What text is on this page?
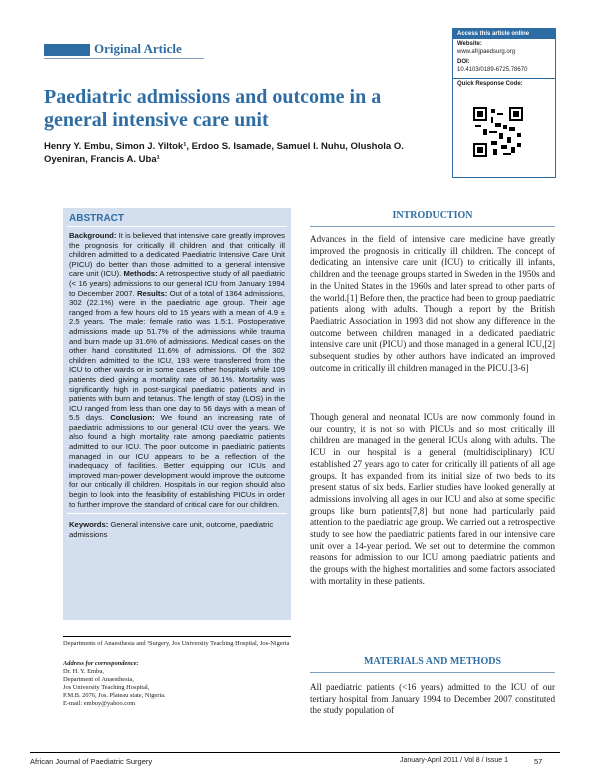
Original Article
Access this article online
Website:
www.afrjpaedsurg.org
DOI:
10.4103/0189-6725.78670
Quick Response Code:
Paediatric admissions and outcome in a general intensive care unit
Henry Y. Embu, Simon J. Yiltok¹, Erdoo S. Isamade, Samuel I. Nuhu, Olushola O. Oyeniran, Francis A. Uba¹
ABSTRACT
Background: It is believed that intensive care greatly improves the prognosis for critically ill children and that critically ill children admitted to a dedicated Paediatric Intensive Care Unit (PICU) do better than those admitted to a general intensive care unit (ICU). Methods: A retrospective study of all paediatric (< 16 years) admissions to our general ICU from January 1994 to December 2007. Results: Out of a total of 1364 admissions, 302 (22.1%) were in the paediatric age group. Their age ranged from a few hours old to 15 years with a mean of 4.9 ± 2.5 years. The male: female ratio was 1.5:1. Postoperative admissions made up 51.7% of the admissions while trauma and burn made up 31.6% of admissions. Medical cases on the other hand constituted 11.6% of admissions. Of the 302 children admitted to the ICU, 193 were transferred from the ICU to other wards or in some cases other hospitals while 109 patients died giving a mortality rate of 36.1%. Mortality was significantly high in post-surgical paediatric patients and in patients with burn and tetanus. The length of stay (LOS) in the ICU ranged from less than one day to 56 days with a mean of 5.5 days. Conclusion: We found an increasing rate of paediatric admissions to our general ICU over the years. We also found a high mortality rate among paediatric patients admitted to our ICU. The poor outcome in paediatric patients managed in our ICU appears to be a reflection of the inadequacy of facilities. Better equipping our ICUs and improved man-power development would improve the outcome for our critically ill children. Hospitals in our region should also begin to look into the feasibility of establishing PICUs in order to further improve the standard of critical care for our children.
Keywords: General intensive care unit, outcome, paediatric admissions
Departments of Anaesthesia and ¹Surgery, Jos University Teaching Hospital, Jos-Nigeria
Address for correspondence:
Dr. H. Y. Embu,
Department of Anaesthesia,
Jos University Teaching Hospital,
P.M.B. 2076, Jos. Plateau state, Nigeria.
E-mail: embuy@yahoo.com
INTRODUCTION
Advances in the field of intensive care medicine have greatly improved the prognosis in critically ill children. The concept of dedicating an intensive care unit (ICU) to critically ill infants, children and the teenage groups started in Sweden in the 1950s and in the United States in the 1960s and later spread to other parts of the world.[1] Before then, the practice had been to group paediatric patients along with adults. Though a report by the British Paediatric Association in 1993 did not show any difference in the outcome between children managed in a dedicated paediatric intensive care unit (PICU) and those managed in a general ICU,[2] subsequent studies by other authors have indicated an improved outcome in critically ill children managed in the PICU.[3-6]
Though general and neonatal ICUs are now commonly found in our country, it is not so with PICUs and so most critically ill children are managed in the general ICUs along with adults. The ICU in our hospital is a general (multidisciplinary) ICU established 27 years ago to cater for critically ill patients of all age groups. It has expanded from its initial size of two beds to its present status of six beds. Earlier studies have looked generally at admissions involving all ages in our ICU and also at some specific groups like burn patients[7,8] but none had particularly paid attention to the paediatric age group. We carried out a retrospective study to see how the paediatric patients fared in our intensive care unit over a 14-year period. We set out to determine the common reasons for admission to our ICU among paediatric patients and the groups with the highest mortalities and some factors associated with mortality in these patients.
MATERIALS AND METHODS
All paediatric patients (<16 years) admitted to the ICU of our tertiary hospital from January 1994 to December 2007 constituted the study population of
African Journal of Paediatric Surgery	January-April 2011 / Vol 8 / Issue 1	57
